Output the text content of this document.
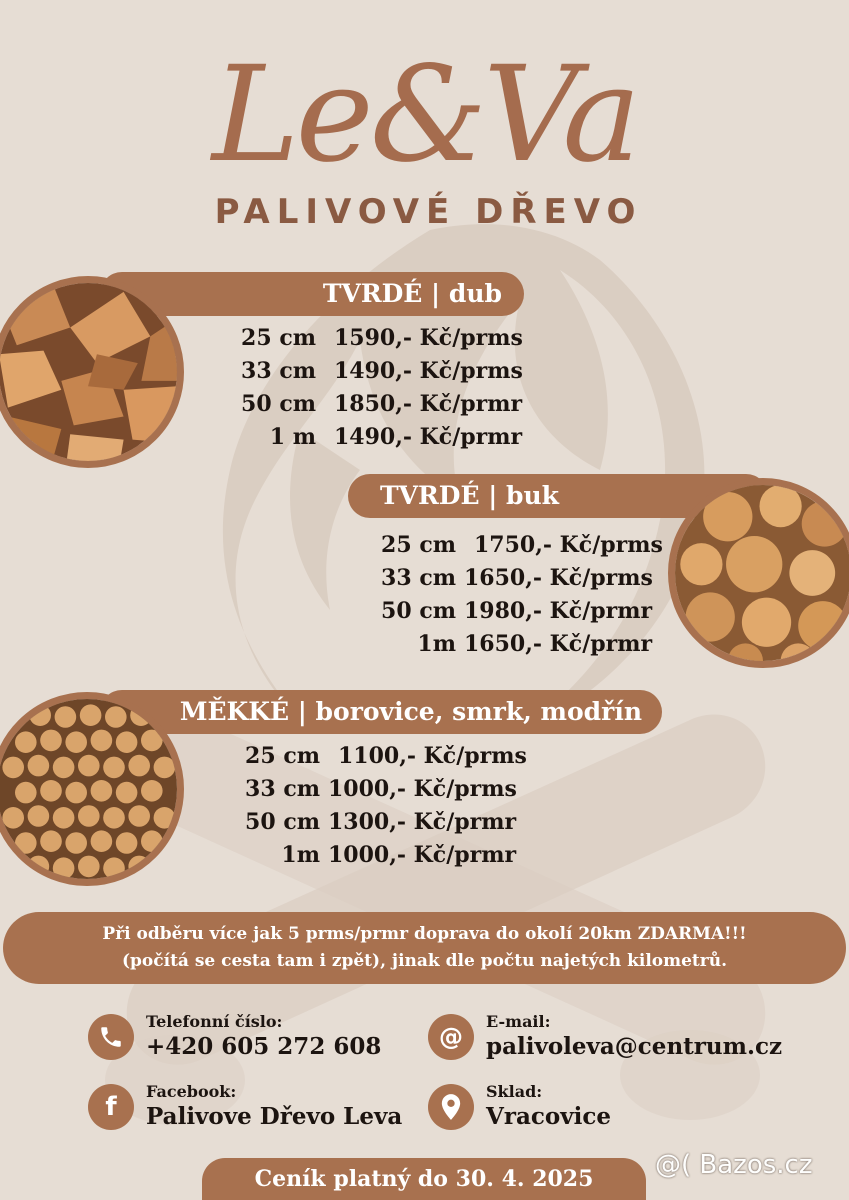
Le&Va
PALIVOVÉ DŘEVO
TVRDÉ | dub
25 cm 1590,- Kč/prms
33 cm 1490,- Kč/prms
50 cm 1850,- Kč/prmr
1 m 1490,- Kč/prmr
TVRDÉ | buk
25 cm 1750,- Kč/prms
33 cm 1650,- Kč/prms
50 cm 1980,- Kč/prmr
1m 1650,- Kč/prmr
MĚKKÉ | borovice, smrk, modřín
25 cm 1100,- Kč/prms
33 cm 1000,- Kč/prms
50 cm 1300,- Kč/prmr
1m 1000,- Kč/prmr
Při odběru více jak 5 prms/prmr doprava do okolí 20km ZDARMA!!!
(počítá se cesta tam i zpět), jinak dle počtu najetých kilometrů.
Telefonní číslo:
+420 605 272 608 @
E-mail:
palivoleva@centrum.cz
f
Facebook:
Palivove Dřevo Leva
Sklad:
Vracovice
Ceník platný do 30. 4. 2025	@( Bazos.cz
